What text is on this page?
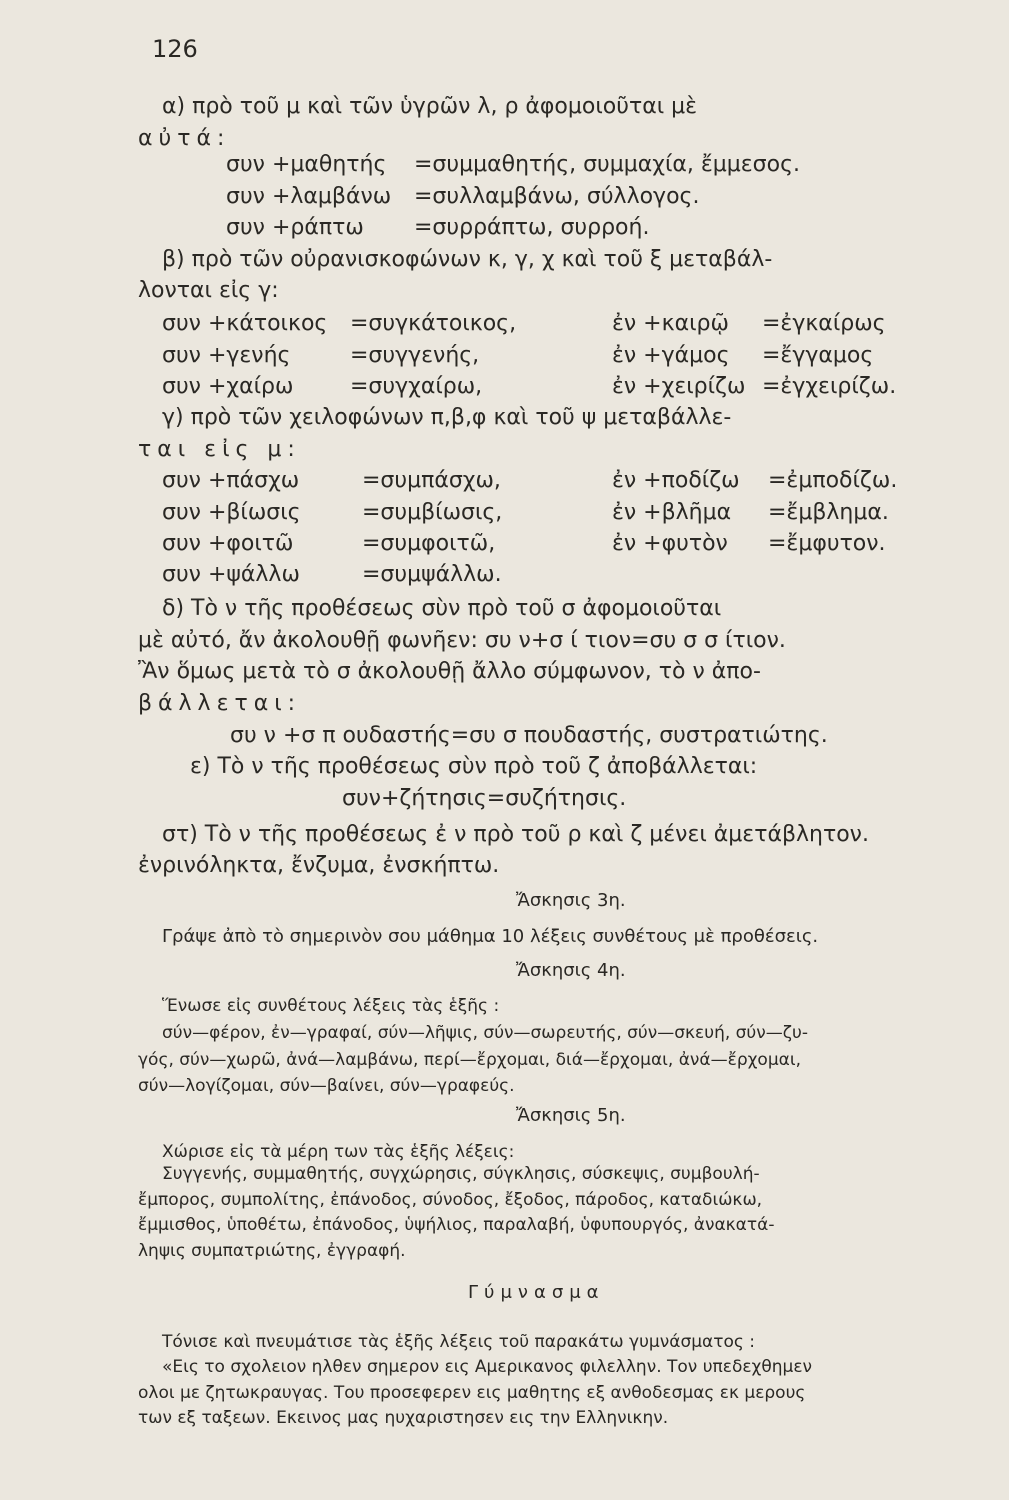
126
α) πρὸ τοῦ μ καὶ τῶν ὑγρῶν λ, ρ ἀφομοιοῦται μὲ
αὐτά:
συν +μαθητής =συμμαθητής, συμμαχία, ἔμμεσος.
συν +λαμβάνω =συλλαμβάνω, σύλλογος.
συν +ράπτω =συρράπτω, συρροή.
β) πρὸ τῶν οὐρανισκοφώνων κ, γ, χ καὶ τοῦ ξ μεταβάλ-
λονται εἰς γ:
συν +κάτοικος =συγκάτοικος,	ἐν +καιρῷ =ἐγκαίρως
συν +γενής	=συγγενής,	ἐν +γάμος =ἔγγαμος
συν +χαίρω	=συγχαίρω,	ἐν +χειρίζω =ἐγχειρίζω.
γ) πρὸ τῶν χειλοφώνων π,β,φ καὶ τοῦ ψ μεταβάλλε-
ται εἰς μ:
συν +πάσχω	=συμπάσχω,	ἐν +ποδίζω =ἐμποδίζω.
συν +βίωσις	=συμβίωσις,	ἐν +βλῆμα =ἔμβλημα.
συν +φοιτῶ	=συμφοιτῶ,	ἐν +φυτὸν =ἔμφυτον.
συν +ψάλλω	=συμψάλλω.
δ) Τὸ ν τῆς προθέσεως σὺν πρὸ τοῦ σ ἀφομοιοῦται
μὲ αὐτό, ἄν ἀκολουθῇ φωνῆεν: συ ν+σ ί τιον=συ σ σ ίτιον.
Ἂν ὅμως μετὰ τὸ σ ἀκολουθῇ ἄλλο σύμφωνον, τὸ ν ἀπο-
βάλλεται:
συ ν +σ π ουδαστής=συ σ πουδαστής, συστρατιώτης.
ε) Τὸ ν τῆς προθέσεως σὺν πρὸ τοῦ ζ ἀποβάλλεται:
συν+ζήτησις=συζήτησις.
στ) Τὸ ν τῆς προθέσεως ἐ ν πρὸ τοῦ ρ καὶ ζ μένει ἀμετάβλητον.
ἐνρινόληκτα, ἔνζυμα, ἐνσκήπτω.
Ἄσκησις 3η.
Γράψε ἀπὸ τὸ σημερινὸν σου μάθημα 10 λέξεις συνθέτους μὲ προθέσεις.
Ἄσκησις 4η.
Ἕνωσε εἰς συνθέτους λέξεις τὰς ἑξῆς :
σύν—φέρον, ἐν—γραφαί, σύν—λῆψις, σύν—σωρευτής, σύν—σκευή, σύν—ζυ-
γός, σύν—χωρῶ, ἀνά—λαμβάνω, περί—ἔρχομαι, διά—ἔρχομαι, ἀνά—ἔρχομαι,
σύν—λογίζομαι, σύν—βαίνει, σύν—γραφεύς.
Ἄσκησις 5η.
Χώρισε εἰς τὰ μέρη των τὰς ἑξῆς λέξεις:
Συγγενής, συμμαθητής, συγχώρησις, σύγκλησις, σύσκεψις, συμβουλή-
ἔμπορος, συμπολίτης, ἐπάνοδος, σύνοδος, ἔξοδος, πάροδος, καταδιώκω,
ἔμμισθος, ὑποθέτω, ἐπάνοδος, ὑψήλιος, παραλαβή, ὑφυπουργός, ἀνακατά-
ληψις συμπατριώτης, ἐγγραφή.
Γύμνασμα
Τόνισε καὶ πνευμάτισε τὰς ἑξῆς λέξεις τοῦ παρακάτω γυμνάσματος :
«Εις το σχολειον ηλθεν σημερον εις Αμερικανος φιλελλην. Τον υπεδεχθημεν
ολοι με ζητωκραυγας. Του προσεφερεν εις μαθητης εξ ανθοδεσμας εκ μερους
των εξ ταξεων. Εκεινος μας ηυχαριστησεν εις την Ελληνικην.
